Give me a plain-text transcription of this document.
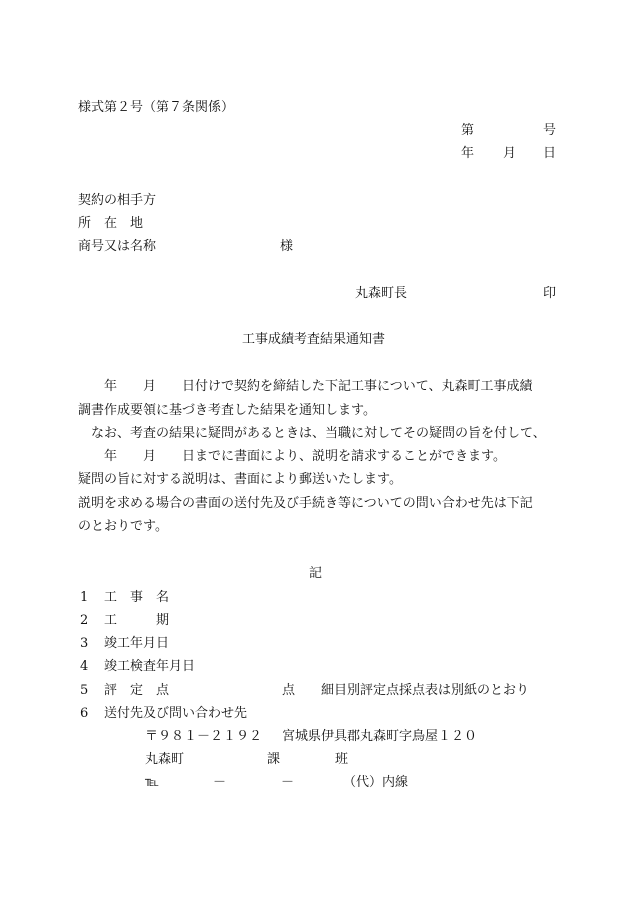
様式第２号（第７条関係）
第	号
年 月 日
契約の相手方
所　在　地
商号又は名称	様
丸森町長	印
工事成績考査結果通知書
　　年　　月　　日付けで契約を締結した下記工事について、丸森町工事成績
調書作成要領に基づき考査した結果を通知します。
　なお、考査の結果に疑問があるときは、当職に対してその疑問の旨を付して、
　　年　　月　　日までに書面により、説明を請求することができます。
疑問の旨に対する説明は、書面により郵送いたします。
説明を求める場合の書面の送付先及び手続き等についての問い合わせ先は下記
のとおりです。
記
1 工　事　名
2 工　　　期
3 竣工年月日
4 竣工検査年月日
5 評　定　点	点 細目別評定点採点表は別紙のとおり
6 送付先及び問い合わせ先
〒９８１－２１９２ 宮城県伊具郡丸森町字鳥屋１２０
丸森町	課	班
℡	－	－	（代）内線
